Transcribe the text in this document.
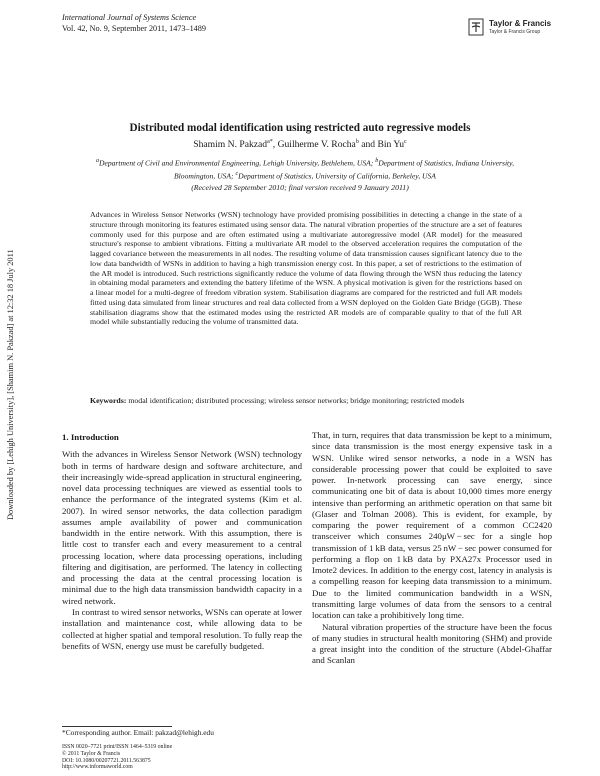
International Journal of Systems Science
Vol. 42, No. 9, September 2011, 1473–1489
Taylor & Francis
Taylor & Francis Group
Downloaded by [Lehigh University], [Shamim N. Pakzad] at 12:32 18 July 2011
Distributed modal identification using restricted auto regressive models
Shamim N. Pakzad$^{a*}$, Guilherme V. Rocha$^b$ and Bin Yu$^c$
$^a$Department of Civil and Environmental Engineering, Lehigh University, Bethlehem, USA; $^b$Department of Statistics, Indiana University, Bloomington, USA; $^c$Department of Statistics, University of California, Berkeley, USA
(Received 28 September 2010; final version received 9 January 2011)
Advances in Wireless Sensor Networks (WSN) technology have provided promising possibilities in detecting a change in the state of a structure through monitoring its features estimated using sensor data. The natural vibration properties of the structure are a set of features commonly used for this purpose and are often estimated using a multivariate autoregressive model (AR model) for the measured structure's response to ambient vibrations. Fitting a multivariate AR model to the observed acceleration requires the computation of the lagged covariance between the measurements in all nodes. The resulting volume of data transmission causes significant latency due to the low data bandwidth of WSNs in addition to having a high transmission energy cost. In this paper, a set of restrictions to the estimation of the AR model is introduced. Such restrictions significantly reduce the volume of data flowing through the WSN thus reducing the latency in obtaining modal parameters and extending the battery lifetime of the WSN. A physical motivation is given for the restrictions based on a linear model for a multi-degree of freedom vibration system. Stabilisation diagrams are compared for the restricted and full AR models fitted using data simulated from linear structures and real data collected from a WSN deployed on the Golden Gate Bridge (GGB). These stabilisation diagrams show that the estimated modes using the restricted AR models are of comparable quality to that of the full AR model while substantially reducing the volume of transmitted data.
Keywords: modal identification; distributed processing; wireless sensor networks; bridge monitoring; restricted models

1. Introduction

With the advances in Wireless Sensor Network (WSN) technology both in terms of hardware design and software architecture, and their increasingly wide-spread application in structural engineering, novel data processing techniques are viewed as essential tools to enhance the performance of the integrated systems (Kim et al. 2007). In wired sensor networks, the data collection paradigm assumes ample availability of power and communication bandwidth in the entire network. With this assumption, there is little cost to transfer each and every measurement to a central processing location, where data processing operations, including filtering and digitisation, are performed. The latency in collecting and processing the data at the central processing location is minimal due to the high data transmission bandwidth capacity in a wired network.

In contrast to wired sensor networks, WSNs can operate at lower installation and maintenance cost, while allowing data to be collected at higher spatial and temporal resolution. To fully reap the benefits of WSN, energy use must be carefully budgeted.

That, in turn, requires that data transmission be kept to a minimum, since data transmission is the most energy expensive task in a WSN. Unlike wired sensor networks, a node in a WSN has considerable processing power that could be exploited to save power. In-network processing can save energy, since communicating one bit of data is about 10,000 times more energy intensive than performing an arithmetic operation on that same bit (Glaser and Tolman 2008). This is evident, for example, by comparing the power requirement of a common CC2420 transceiver which consumes 240μW − sec for a single hop transmission of 1 kB data, versus 25 nW − sec power consumed for performing a flop on 1 kB data by PXA27x Processor used in Imote2 devices. In addition to the energy cost, latency in analysis is a compelling reason for keeping data transmission to a minimum. Due to the limited communication bandwidth in a WSN, transmitting large volumes of data from the sensors to a central location can take a prohibitively long time.

Natural vibration properties of the structure have been the focus of many studies in structural health monitoring (SHM) and provide a great insight into the condition of the structure (Abdel-Ghaffar and Scanlan

*Corresponding author. Email: pakzad@lehigh.edu
ISSN 0020–7721 print/ISSN 1464–5319 online
© 2011 Taylor & Francis
DOI: 10.1080/00207721.2011.563875
http://www.informaworld.com
